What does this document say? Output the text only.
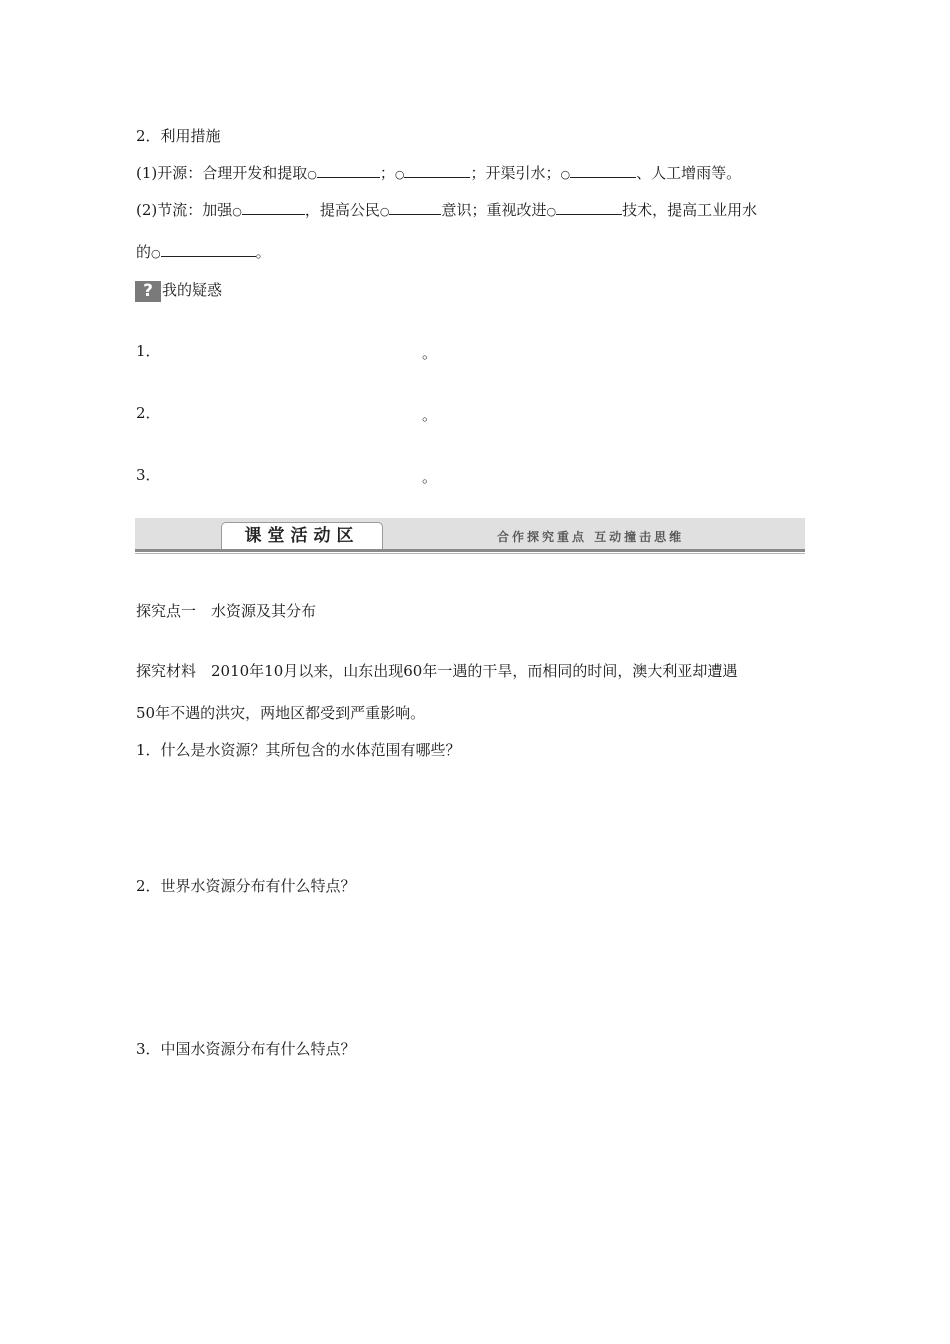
2．利用措施
(1)开源：合理开发和提取○	；○	；开渠引水；○	、人工增雨等。
(2)节流：加强○	，提高公民○	意识；重视改进○	技术，提高工业用水
的○	。
? 我的疑惑
1．	。
2．	。
3．	。
课堂活动区	合作探究重点 互动撞击思维
探究点一　水资源及其分布
探究材料　2010年10月以来，山东出现60年一遇的干旱，而相同的时间，澳大利亚却遭遇
50年不遇的洪灾，两地区都受到严重影响。
1．什么是水资源？其所包含的水体范围有哪些？
2．世界水资源分布有什么特点？
3．中国水资源分布有什么特点？
